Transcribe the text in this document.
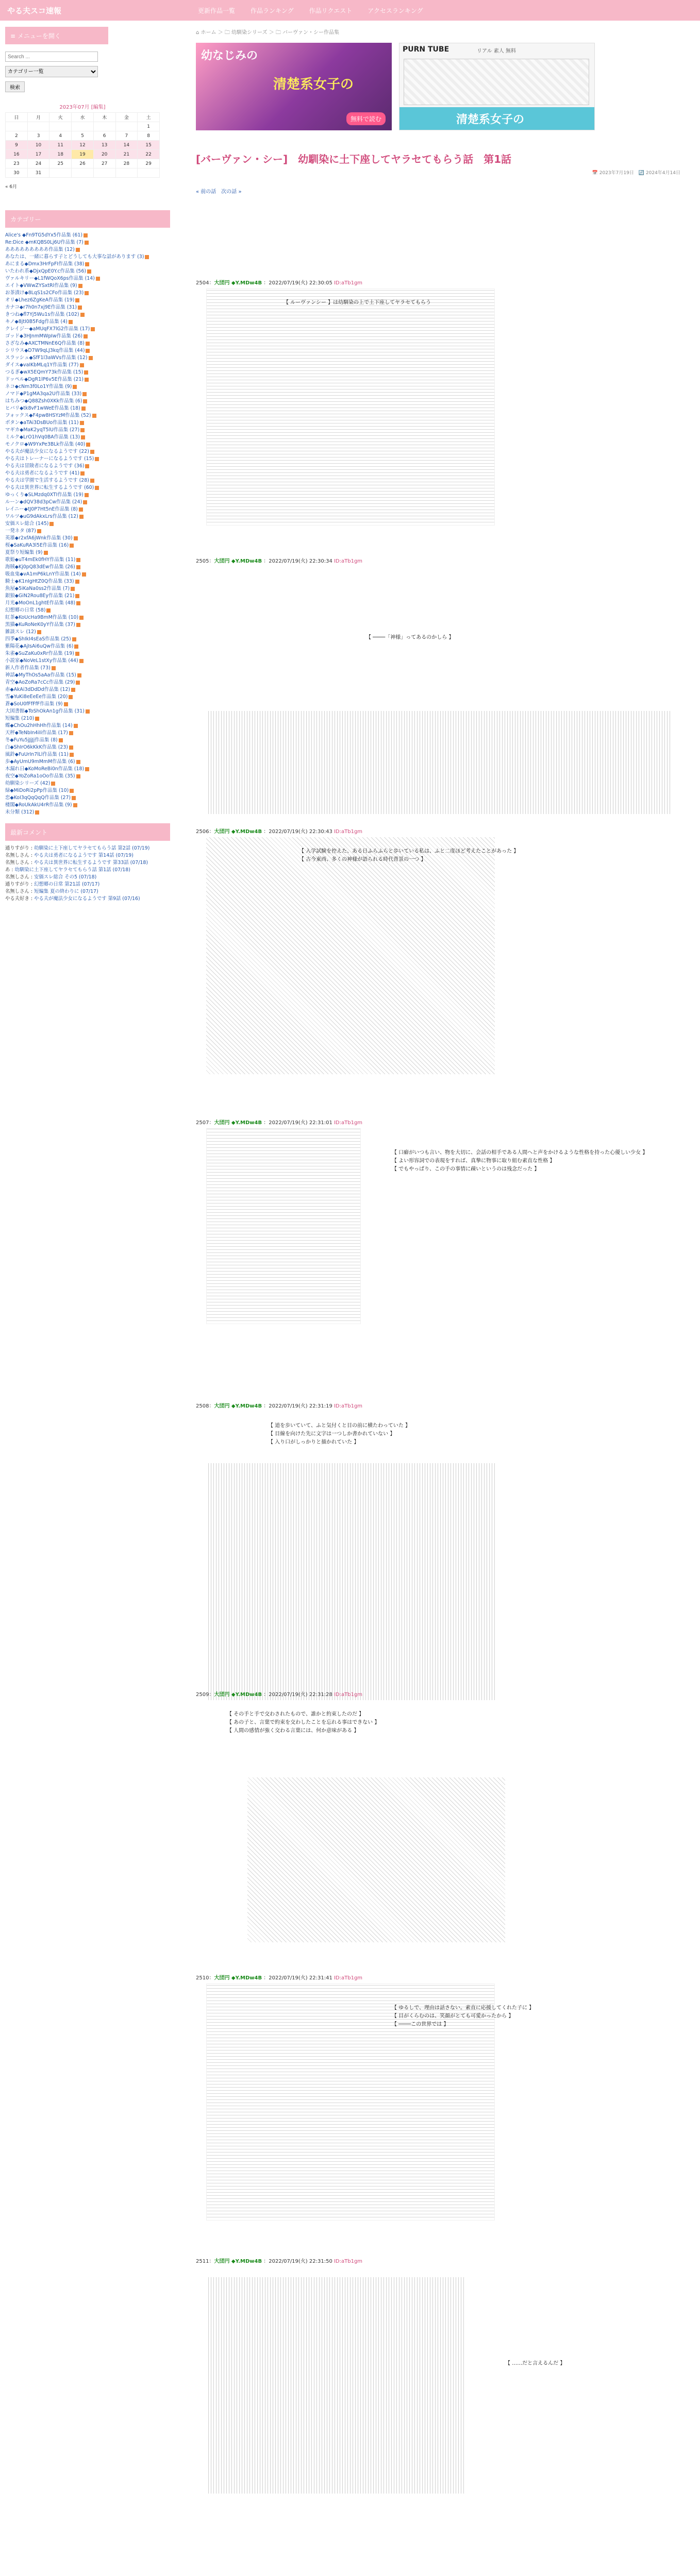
やる夫スコ速報	更新作品一覧	作品ランキング	作品リクエスト	アクセスランキング
≡ メニューを開く
Search ...
カテゴリー一覧 検索
2023年07月 [編集]
日	月	火	水	木	金	土
						1
2	3	4	5	6	7	8
9	10	11	12	13	14	15
16	17	18	19	20	21	22
23	24	25	26	27	28	29
30	31					
« 6月
カテゴリー
Alice's ◆Fn9TG5dYx5作品集 (61)
Re:Dice ◆mKQBS0Lj6U作品集 (7)
あああああああああ作品集 (12)
あなたは、一緒に暮らす子とどうしても大事な話があります (3)
あにまる◆Dmx3HrFpFI作品集 (38)
いたわれ系◆DjxQpE0Y.c作品集 (56)
ヴァルキリー◆L1fWQoX6ps作品集 (14)
エイト◆VWwZYSxtRl作品集 (9)
お茶漬け◆8LqS1s2CFo作品集 (23)
オリ◆Lhez6ZgKeA作品集 (19)
カナコ◆r7h0n7xj9E作品集 (31)
きつね◆fl7Yj5Wu1s作品集 (102)
キノ◆8jtI0B5Fdg作品集 (4)
クレイジー◆aMUqFX7lG2作品集 (17)
ゴッド◆3HJnmMWpIw作品集 (26)
さざなみ◆AXCTMNnE6Q作品集 (8)
シリウス◆D7W9qLJ3kq作品集 (44)
スラッシュ◆SfF1l3aWVs作品集 (12)
ダイス◆vaIKbMLq1Y作品集 (77)
つるぎ◆wX5EQmY73k作品集 (15)
ドッペル◆DgR1lP6v5E作品集 (21)
ネコ◆cNm3f0Lo1Y作品集 (9)
ノマド◆P1gMA3qa2U作品集 (33)
はちみつ◆Q88Zsh0XKk作品集 (6)
ヒバリ◆tk8vF1wWeE作品集 (18)
フォックス◆F4pw8HSYzM作品集 (52)
ボタン◆aTAi3DsBUo作品集 (11)
マギカ◆MaK2yqT5lU作品集 (27)
ミルク◆LrO1hVq0BA作品集 (13)
モノクロ◆W9YxPe3BLk作品集 (40)
やる夫が魔法少女になるようです (22)
やる夫はトレーナーになるようです (15)
やる夫は冒険者になるようです (36)
やる夫は勇者になるようです (41)
やる夫は学園で生活するようです (28)
やる夫は異世界に転生するようです (60)
ゆっくり◆SLMzdq0XTI作品集 (19)
ルーン◆dQV38d3pCw作品集 (24)
レイニー◆tJ0P7Ht5nE作品集 (8)
ワルツ◆uG9dAkxLrs作品集 (12)
安価スレ総合 (145)
一発ネタ (87)
英雄◆r2xfA6jWnk作品集 (30)
桜◆SaKuRA3l5E作品集 (16)
夏祭り短編集 (9)
歌姫◆uT4mEk0fHY作品集 (11)
海賊◆Kj0pQ83dEw作品集 (26)
吸血鬼◆vA1mP6kLnY作品集 (14)
騎士◆K1nIgHtZ0Q作品集 (33)
魚屋◆5iKaNa0ss2作品集 (7)
銀狼◆GiN2Rou8Ey作品集 (21)
月光◆MoOnL1ghtE作品集 (48)
幻想郷の日常 (58)
紅茶◆KoUcHa9BmM作品集 (10)
黒猫◆KuRoNeK0yY作品集 (37)
雑談スレ (12)
四季◆ShIkI4sEaS作品集 (25)
紫陽花◆AjIsAi6uQw作品集 (6)
朱雀◆SuZaKu0xRr作品集 (19)
小説家◆NoVeL1stXy作品集 (44)
新人作者作品集 (73)
神話◆MyThOs5aAa作品集 (15)
青空◆AoZoRa7cCc作品集 (29)
赤◆AkAi3dDdDd作品集 (12)
雪◆YuKi8eEeEe作品集 (20)
蒼◆SoU0fFfFfF作品集 (9)
大図書館◆ToShOkAn1g作品集 (31)
短編集 (210)
蝶◆ChOu2hHhHh作品集 (14)
天秤◆TeNbIn4iIi作品集 (17)
冬◆FuYu5jJjJj作品集 (8)
白◆ShIrO6kKkK作品集 (23)
風鈴◆FuUrIn7lLl作品集 (11)
歩◆AyUmU9mMmM作品集 (6)
木漏れ日◆KoMoReBi0n作品集 (18)
夜空◆YoZoRa1oOo作品集 (35)
幼馴染シリーズ (42)
緑◆MiDoRi2pPp作品集 (10)
恋◆KoI3qQqQqQ作品集 (27)
楼閣◆RoUkAkU4rR作品集 (9)
未分類 (312)
最新コメント
通りすがり : 幼馴染に土下座してヤラセてもらう話 第2話 (07/19)
名無しさん : やる夫は勇者になるようです 第14話 (07/19)
名無しさん : やる夫は異世界に転生するようです 第33話 (07/18)
あ : 幼馴染に土下座してヤラセてもらう話 第1話 (07/18)
名無しさん : 安価スレ総合 その5 (07/18)
通りすがり : 幻想郷の日常 第21話 (07/17)
名無しさん : 短編集 夏の終わりに (07/17)
やる夫好き : やる夫が魔法少女になるようです 第9話 (07/16)
⌂ ホーム ＞ 🗀 幼馴染シリーズ ＞ 🗀 バーヴァン・シー作品集
幼なじみの
清楚系女子の
無料で読む
PURN TUBE	リアル 素人 無料
清楚系女子の
[バーヴァン・シー]　幼馴染に土下座してヤラセてもらう話　第1話
📅 2023年7月19日　🔄 2024年4月14日
« 前の話　次の話 »
2504：大団円 ◆Y.MDw4B ：2022/07/19(火) 22:30:05 ID:aTb1gm
【 ルーヴァンシー 】は幼馴染の上で土下座してヤラセてもらう
2505：大団円 ◆Y.MDw4B ：2022/07/19(火) 22:30:34 ID:aTb1gm
【 ────「神様」ってあるのかしら 】
2506：大団円 ◆Y.MDw4B ：2022/07/19(火) 22:30:43 ID:aTb1gm
【 入学試験を控えた、ある日ふらふらと歩いている私は、ふと二度ほど考えたことがあった 】
【 古今東西、多くの神様が語られる時代背景の一つ 】
2507：大団円 ◆Y.MDw4B ：2022/07/19(火) 22:31:01 ID:aTb1gm
【 口癖がいつも言い、物を大切に、会話の相手である人間へと声をかけるような性格を持った心優しい少女 】
【 よい形容詞での表現をすれば、真摯に物事に取り組む素直な性格 】
【 でもやっぱり、この手の事情に疎いというのは残念だった 】
2508：大団円 ◆Y.MDw4B ：2022/07/19(火) 22:31:19 ID:aTb1gm
【 道を歩いていて、ふと気付くと目の前に横たわっていた 】
【 目線を向けた先に文字は一つしか書かれていない 】
【 入り口がしっかりと描かれていた 】
2509：大団円 ◆Y.MDw4B ：2022/07/19(火) 22:31:28 ID:aTb1gm
【 その手と手で交わされたもので、誰かと約束したのだ 】
【 あの子と、言葉で約束を交わしたことを忘れる事はできない 】
【 人間の感情が強く交わる言葉には、何か意味がある 】
2510：大団円 ◆Y.MDw4B ：2022/07/19(火) 22:31:41 ID:aTb1gm
【 ゆるしで、理由は話さない。素直に応援してくれた子に 】
【 目がくらむのは、笑顔がとても可愛かったから 】
【 ────この世界では 】
2511：大団円 ◆Y.MDw4B ：2022/07/19(火) 22:31:50 ID:aTb1gm
【 ……だと言えるんだ 】
